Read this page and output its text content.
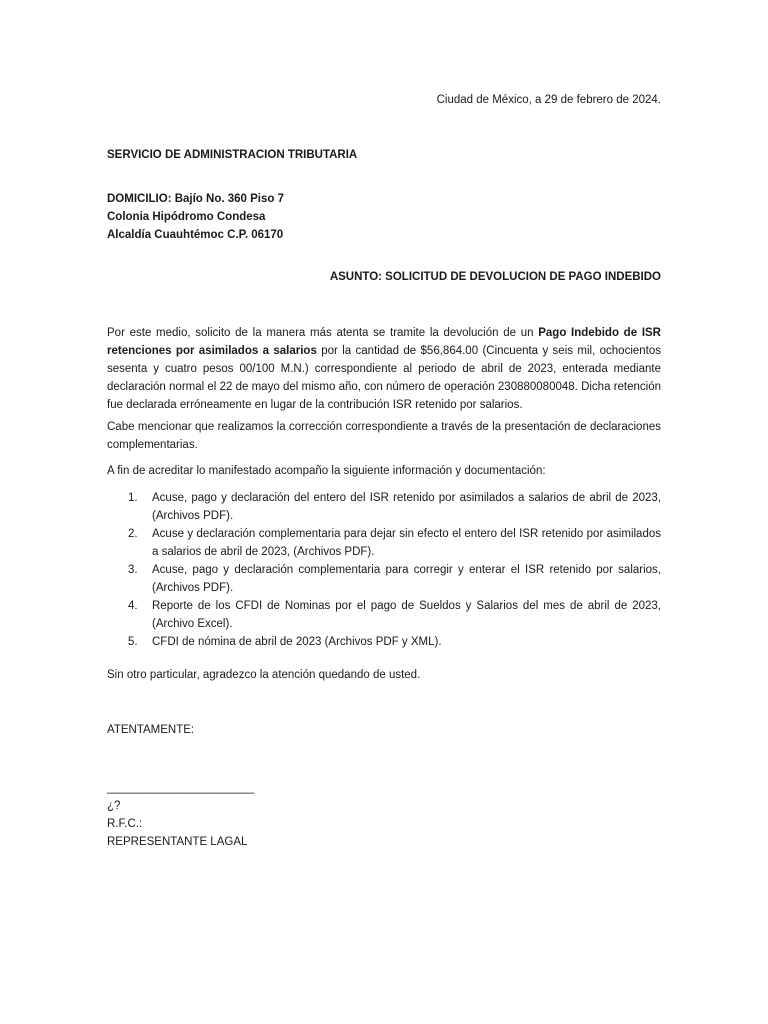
Ciudad de México, a 29 de febrero de 2024.
SERVICIO DE ADMINISTRACION TRIBUTARIA
DOMICILIO: Bajío No. 360 Piso 7
Colonia Hipódromo Condesa
Alcaldía Cuauhtémoc C.P. 06170
ASUNTO: SOLICITUD DE DEVOLUCION DE PAGO INDEBIDO
Por este medio, solicito de la manera más atenta se tramite la devolución de un Pago Indebido de ISR retenciones por asimilados a salarios por la cantidad de $56,864.00 (Cincuenta y seis mil, ochocientos sesenta y cuatro pesos 00/100 M.N.) correspondiente al periodo de abril de 2023, enterada mediante declaración normal el 22 de mayo del mismo año, con número de operación 230880080048. Dicha retención fue declarada erróneamente en lugar de la contribución ISR retenido por salarios.
Cabe mencionar que realizamos la corrección correspondiente a través de la presentación de declaraciones complementarias.
A fin de acreditar lo manifestado acompaño la siguiente información y documentación:
1.	Acuse, pago y declaración del entero del ISR retenido por asimilados a salarios de abril de 2023, (Archivos PDF).
2.	Acuse y declaración complementaria para dejar sin efecto el entero del ISR retenido por asimilados a salarios de abril de 2023, (Archivos PDF).
3.	Acuse, pago y declaración complementaria para corregir y enterar el ISR retenido por salarios, (Archivos PDF).
4.	Reporte de los CFDI de Nominas por el pago de Sueldos y Salarios del mes de abril de 2023, (Archivo Excel).
5.	CFDI de nómina de abril de 2023 (Archivos PDF y XML).
Sin otro particular, agradezco la atención quedando de usted.
ATENTAMENTE:
_______________________
¿?
R.F.C.:
REPRESENTANTE LAGAL
